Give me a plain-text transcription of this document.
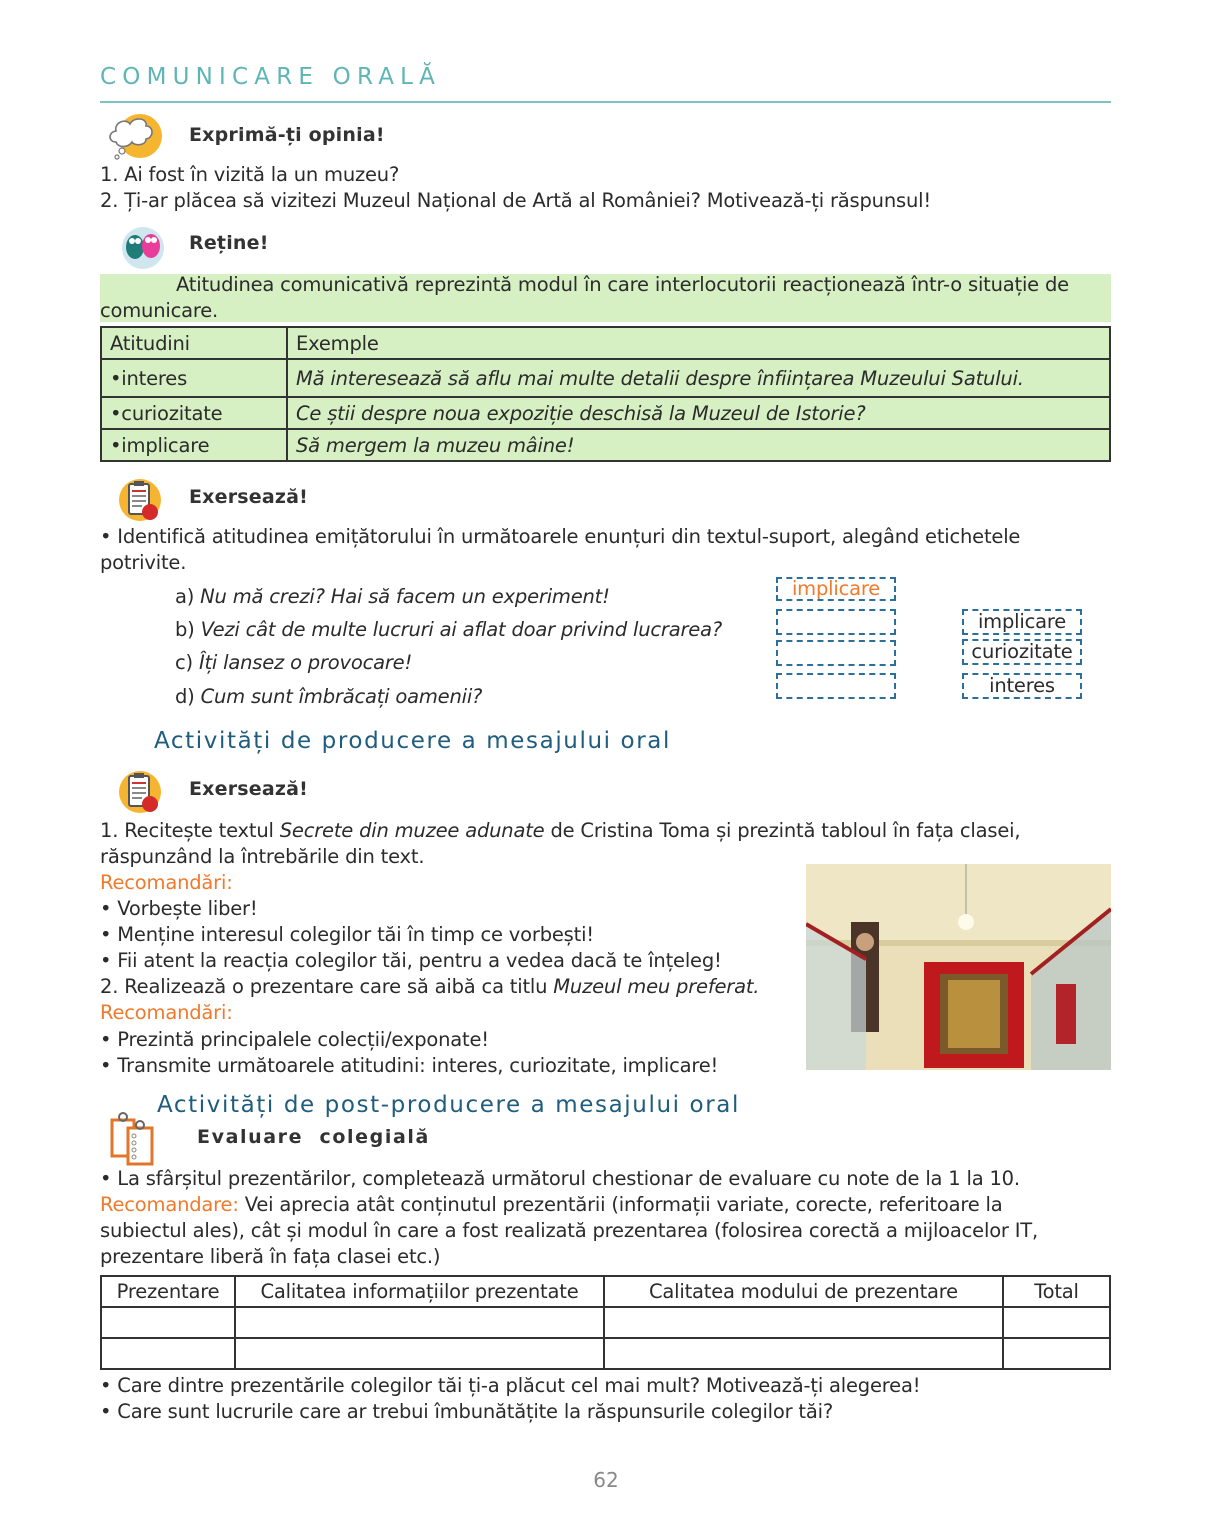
COMUNICARE ORALĂ
Exprimă-ți opinia!
1. Ai fost în vizită la un muzeu?
2. Ți-ar plăcea să vizitezi Muzeul Național de Artă al României? Motivează-ți răspunsul!
Reține!
Atitudinea comunicativă reprezintă modul în care interlocutorii reacționează într-o situație de
comunicare.
Atitudini	Exemple
•interes	Mă interesează să aflu mai multe detalii despre înființarea Muzeului Satului.
•curiozitate	Ce știi despre noua expoziție deschisă la Muzeul de Istorie?
•implicare	Să mergem la muzeu mâine!
Exersează!
• Identifică atitudinea emițătorului în următoarele enunțuri din textul-suport, alegând etichetele
potrivite.
a) Nu mă crezi? Hai să facem un experiment!
b) Vezi cât de multe lucruri ai aflat doar privind lucrarea?
c) Îți lansez o provocare!
d) Cum sunt îmbrăcați oamenii?
implicare
implicare
curiozitate
interes
Activități de producere a mesajului oral
Exersează!
1. Recitește textul Secrete din muzee adunate de Cristina Toma și prezintă tabloul în fața clasei,
răspunzând la întrebările din text.
Recomandări:
• Vorbește liber!
• Menține interesul colegilor tăi în timp ce vorbești!
• Fii atent la reacția colegilor tăi, pentru a vedea dacă te înțeleg!
2. Realizează o prezentare care să aibă ca titlu Muzeul meu preferat.
Recomandări:
• Prezintă principalele colecții/exponate!
• Transmite următoarele atitudini: interes, curiozitate, implicare!
Activități de post-producere a mesajului oral
Evaluare  colegială
• La sfârșitul prezentărilor, completează următorul chestionar de evaluare cu note de la 1 la 10.
Recomandare: Vei aprecia atât conținutul prezentării (informații variate, corecte, referitoare la
subiectul ales), cât și modul în care a fost realizată prezentarea (folosirea corectă a mijloacelor IT,
prezentare liberă în fața clasei etc.)
Prezentare	Calitatea informațiilor prezentate	Calitatea modului de prezentare	Total

• Care dintre prezentările colegilor tăi ți-a plăcut cel mai mult? Motivează-ți alegerea!
• Care sunt lucrurile care ar trebui îmbunătățite la răspunsurile colegilor tăi?
62
